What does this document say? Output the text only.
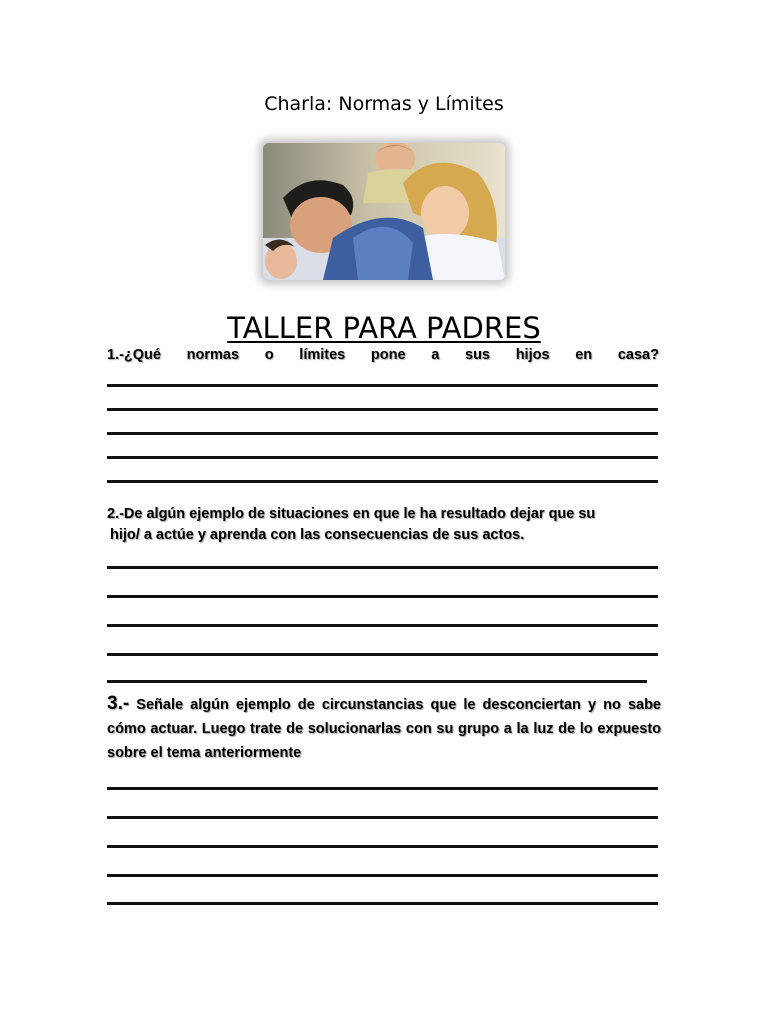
Charla: Normas y Límites
TALLER PARA PADRES
1.-¿Qué normas o límites pone a sus hijos en casa?
2.-De algún ejemplo de situaciones en que le ha resultado dejar que su
hijo/ a actúe y aprenda con las consecuencias de sus actos.
3.- Señale algún ejemplo de circunstancias que le desconciertan y no sabe cómo actuar. Luego trate de solucionarlas con su grupo a la luz de lo expuesto sobre el tema anteriormente
